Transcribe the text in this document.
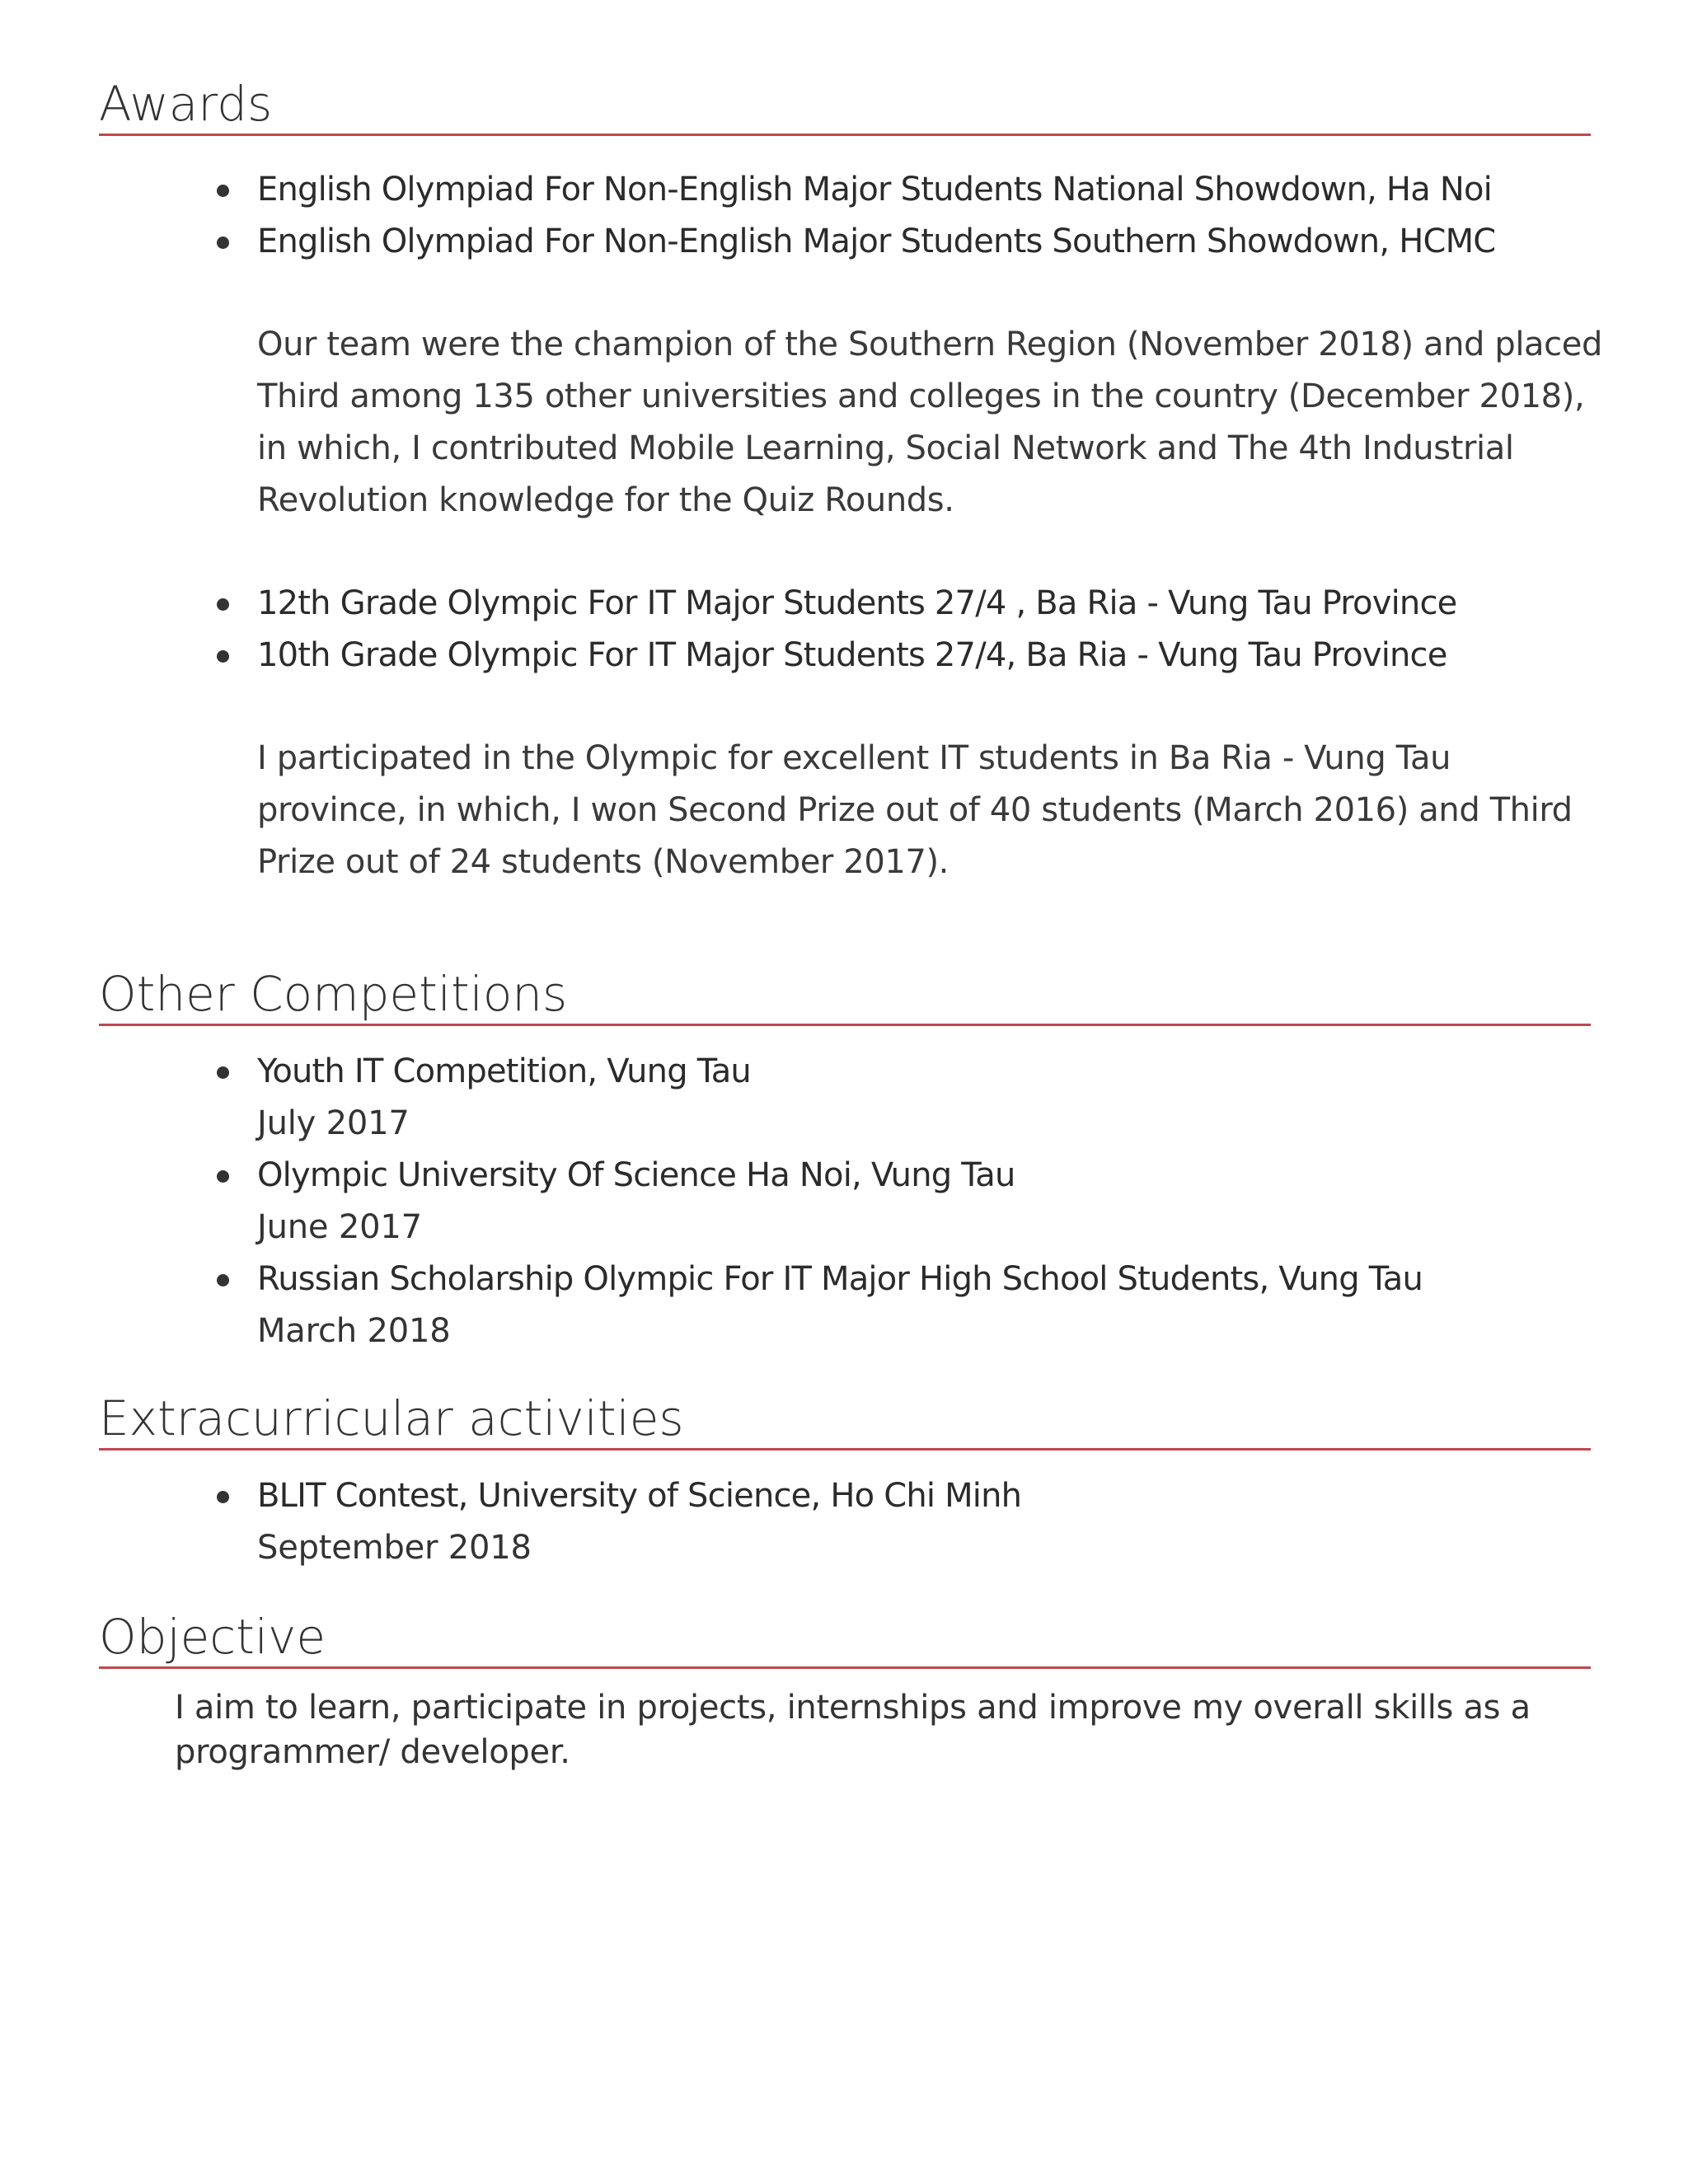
Awards
English Olympiad For Non-English Major Students National Showdown, Ha Noi
English Olympiad For Non-English Major Students Southern Showdown, HCMC
Our team were the champion of the Southern Region (November 2018) and placed
Third among 135 other universities and colleges in the country (December 2018),
in which, I contributed Mobile Learning, Social Network and The 4th Industrial
Revolution knowledge for the Quiz Rounds.
12th Grade Olympic For IT Major Students 27/4 , Ba Ria - Vung Tau Province
10th Grade Olympic For IT Major Students 27/4, Ba Ria - Vung Tau Province
I participated in the Olympic for excellent IT students in Ba Ria - Vung Tau
province, in which, I won Second Prize out of 40 students (March 2016) and Third
Prize out of 24 students (November 2017).
Other Competitions
Youth IT Competition, Vung Tau
July 2017
Olympic University Of Science Ha Noi, Vung Tau
June 2017
Russian Scholarship Olympic For IT Major High School Students, Vung Tau
March 2018
Extracurricular activities
BLIT Contest, University of Science, Ho Chi Minh
September 2018
Objective
I aim to learn, participate in projects, internships and improve my overall skills as a
programmer/ developer.
